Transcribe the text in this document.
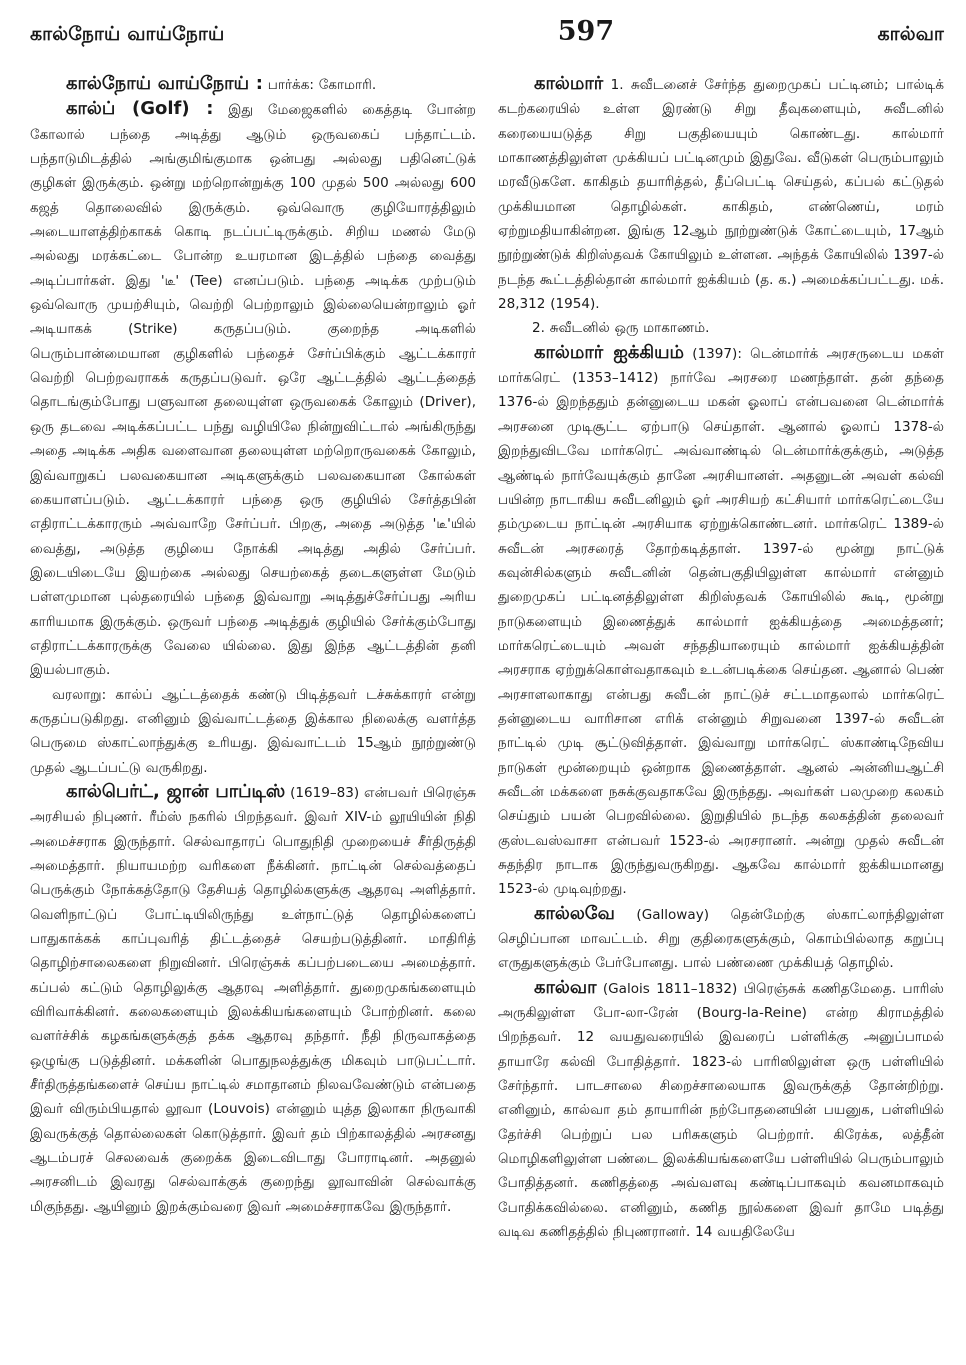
கால்நோய் வாய்நோய்	597	கால்வா

கால்நோய் வாய்நோய் : பார்க்க: கோமாரி.

கால்ப் (Golf) : இது மேஜைகளில் கைத்தடி போன்ற கோலால் பந்தை அடித்து ஆடும் ஒருவகைப் பந்தாட்டம். பந்தாடுமிடத்தில் அங்குமிங்குமாக ஒன்பது அல்லது பதினெட்டுக் குழிகள் இருக்கும். ஒன்று மற்றொன்றுக்கு 100 முதல் 500 அல்லது 600 கஜத் தொலைவில் இருக்கும். ஒவ்வொரு குழியோரத்திலும் அடையாளத்திற்காகக் கொடி நடப்பட்டிருக்கும். சிறிய மணல் மேடு அல்லது மரக்கட்டை போன்ற உயரமான இடத்தில் பந்தை வைத்து அடிப்பார்கள். இது 'டீ' (Tee) எனப்படும். பந்தை அடிக்க முற்படும் ஒவ்வொரு முயற்சியும், வெற்றி பெற்றாலும் இல்லையென்றாலும் ஓர் அடியாகக் (Strike) கருதப்படும். குறைந்த அடிகளில் பெரும்பான்மையான குழிகளில் பந்தைச் சேர்ப்பிக்கும் ஆட்டக்காரர் வெற்றி பெற்றவராகக் கருதப்படுவர். ஒரே ஆட்டத்தில் ஆட்டத்தைத் தொடங்கும்போது பளுவான தலையுள்ள ஒருவகைக் கோலும் (Driver), ஒரு தடவை அடிக்கப்பட்ட பந்து வழியிலே நின்றுவிட்டால் அங்கிருந்து அதை அடிக்க அதிக வளைவான தலையுள்ள மற்றொருவகைக் கோலும், இவ்வாறுகப் பலவகையான அடிகளுக்கும் பலவகையான கோல்கள் கையாளப்படும். ஆட்டக்காரர் பந்தை ஒரு குழியில் சேர்த்தபின் எதிராட்டக்காரரும் அவ்வாறே சேர்ப்பர். பிறகு, அதை அடுத்த 'டீ'யில் வைத்து, அடுத்த குழியை நோக்கி அடித்து அதில் சேர்ப்பர். இடையிடையே இயற்கை அல்லது செயற்கைத் தடைகளுள்ள மேடும் பள்ளமுமான புல்தரையில் பந்தை இவ்வாறு அடித்துச்சேர்ப்பது அரிய காரியமாக இருக்கும். ஒருவர் பந்தை அடித்துக் குழியில் சேர்க்கும்போது எதிராட்டக்காரருக்கு வேலை யில்லை. இது இந்த ஆட்டத்தின் தனி இயல்பாகும்.

வரலாறு: கால்ப் ஆட்டத்தைக் கண்டு பிடித்தவர் டச்சுக்காரர் என்று கருதப்படுகிறது. எனினும் இவ்வாட்டத்தை இக்கால நிலைக்கு வளர்த்த பெருமை ஸ்காட்லாந்துக்கு உரியது. இவ்வாட்டம் 15ஆம் நூற்றுண்டு முதல் ஆடப்பட்டு வருகிறது.

கால்பெர்ட், ஜான் பாப்டிஸ் (1619–83) என்பவர் பிரெஞ்சு அரசியல் நிபுணர். ரீம்ஸ் நகரில் பிறந்தவர். இவர் XIV-ம் லூயியின் நிதி அமைச்சராக இருந்தார். செல்வாதாரப் பொதுநிதி முறையைச் சீர்திருத்தி அமைத்தார். நியாயமற்ற வரிகளை நீக்கினர். நாட்டின் செல்வத்தைப் பெருக்கும் நோக்கத்தோடு தேசியத் தொழில்களுக்கு ஆதரவு அளித்தார். வெளிநாட்டுப் போட்டியிலிருந்து உள்நாட்டுத் தொழில்களைப் பாதுகாக்கக் காப்புவரித் திட்டத்தைச் செயற்படுத்தினர். மாதிரித் தொழிற்சாலைகளை நிறுவினர். பிரெஞ்சுக் கப்பற்படையை அமைத்தார். கப்பல் கட்டும் தொழிலுக்கு ஆதரவு அளித்தார். துறைமுகங்களையும் விரிவாக்கினர். கலைகளையும் இலக்கியங்களையும் போற்றினர். கலை வளர்ச்சிக் கழகங்களுக்குத் தக்க ஆதரவு தந்தார். நீதி நிருவாகத்தை ஒழுங்கு படுத்தினர். மக்களின் பொதுநலத்துக்கு மிகவும் பாடுபட்டார். சீர்திருத்தங்களைச் செய்ய நாட்டில் சமாதானம் நிலவவேண்டும் என்பதை இவர் விரும்பியதால் லூவா (Louvois) என்னும் யுத்த இலாகா நிருவாகி இவருக்குத் தொல்லைகள் கொடுத்தார். இவர் தம் பிற்காலத்தில் அரசனது ஆடம்பரச் செலவைக் குறைக்க இடைவிடாது போராடினர். அதனுல் அரசனிடம் இவரது செல்வாக்குக் குறைந்து லூவாவின் செல்வாக்கு மிகுந்தது. ஆயினும் இறக்கும்வரை இவர் அமைச்சராகவே இருந்தார்.

கால்மார் 1. சுவீடனைச் சேர்ந்த துறைமுகப் பட்டினம்; பால்டிக் கடற்கரையில் உள்ள இரண்டு சிறு தீவுகளையும், சுவீடனில் கரையையடுத்த சிறு பகுதியையும் கொண்டது. கால்மார் மாகாணத்திலுள்ள முக்கியப் பட்டினமும் இதுவே. வீடுகள் பெரும்பாலும் மரவீடுகளே. காகிதம் தயாரித்தல், தீப்பெட்டி செய்தல், கப்பல் கட்டுதல் முக்கியமான தொழில்கள். காகிதம், எண்ணெய், மரம் ஏற்றுமதியாகின்றன. இங்கு 12ஆம் நூற்றுண்டுக் கோட்டையும், 17ஆம் நூற்றுண்டுக் கிறிஸ்தவக் கோயிலும் உள்ளன. அந்தக் கோயிலில் 1397-ல் நடந்த கூட்டத்தில்தான் கால்மார் ஐக்கியம் (த. க.) அமைக்கப்பட்டது. மக். 28,312 (1954).

2. சுவீடனில் ஒரு மாகாணம்.

கால்மார் ஐக்கியம் (1397): டென்மார்க் அரசருடைய மகள் மார்கரெட் (1353–1412) நார்வே அரசரை மணந்தாள். தன் தந்தை 1376-ல் இறந்ததும் தன்னுடைய மகன் ஓலாப் என்பவனை டென்மார்க் அரசனை முடிசூட்ட ஏற்பாடு செய்தாள். ஆனால் ஓலாப் 1378-ல் இறந்துவிடவே மார்கரெட் அவ்வாண்டில் டென்மார்க்குக்கும், அடுத்த ஆண்டில் நார்வேயுக்கும் தானே அரசியானள். அதனுடன் அவள் கல்வி பயின்ற நாடாகிய சுவீடனிலும் ஓர் அரசியற் கட்சியார் மார்கரெட்டையே தம்முடைய நாட்டின் அரசியாக ஏற்றுக்கொண்டனர். மார்கரெட் 1389-ல் சுவீடன் அரசரைத் தோற்கடித்தாள். 1397-ல் மூன்று நாட்டுக் கவுன்சில்களும் சுவீடனின் தென்பகுதியிலுள்ள கால்மார் என்னும் துறைமுகப் பட்டினத்திலுள்ள கிறிஸ்தவக் கோயிலில் கூடி, மூன்று நாடுகளையும் இணைத்துக் கால்மார் ஐக்கியத்தை அமைத்தனர்; மார்கரெட்டையும் அவள் சந்ததியாரையும் கால்மார் ஐக்கியத்தின் அரசராக ஏற்றுக்கொள்வதாகவும் உடன்படிக்கை செய்தன. ஆனால் பெண் அரசாளலாகாது என்பது சுவீடன் நாட்டுச் சட்டமாதலால் மார்கரெட் தன்னுடைய வாரிசான எரிக் என்னும் சிறுவனை 1397-ல் சுவீடன் நாட்டில் முடி சூட்டுவித்தாள். இவ்வாறு மார்கரெட் ஸ்காண்டிநேவிய நாடுகள் மூன்றையும் ஒன்றாக இணைத்தாள். ஆனல் அன்னியஆட்சி சுவீடன் மக்களை நசுக்குவதாகவே இருந்தது. அவர்கள் பலமுறை கலகம் செய்தும் பயன் பெறவில்லை. இறுதியில் நடந்த கலகத்தின் தலைவர் குஸ்டவஸ்வாசா என்பவர் 1523-ல் அரசரானர். அன்று முதல் சுவீடன் சுதந்திர நாடாக இருந்துவருகிறது. ஆகவே கால்மார் ஐக்கியமானது 1523-ல் முடிவுற்றது.

கால்லவே (Galloway) தென்மேற்கு ஸ்காட்லாந்திலுள்ள செழிப்பான மாவட்டம். சிறு குதிரைகளுக்கும், கொம்பில்லாத கறுப்பு எருதுகளுக்கும் பேர்போனது. பால் பண்ணை முக்கியத் தொழில்.

கால்வா (Galois 1811–1832) பிரெஞ்சுக் கணிதமேதை. பாரிஸ் அருகிலுள்ள போ-லா-ரேன் (Bourg-la-Reine) என்ற கிராமத்தில் பிறந்தவர். 12 வயதுவரையில் இவரைப் பள்ளிக்கு அனுப்பாமல் தாயாரே கல்வி போதித்தார். 1823-ல் பாரிஸிலுள்ள ஒரு பள்ளியில் சேர்ந்தார். பாடசாலை சிறைச்சாலையாக இவருக்குத் தோன்றிற்று. எனினும், கால்வா தம் தாயாரின் நற்போதனையின் பயனுக, பள்ளியில் தேர்ச்சி பெற்றுப் பல பரிசுகளும் பெற்றார். கிரேக்க, லத்தீன் மொழிகளிலுள்ள பண்டை இலக்கியங்களையே பள்ளியில் பெரும்பாலும் போதித்தனர். கணிதத்தை அவ்வளவு கண்டிப்பாகவும் கவனமாகவும் போதிக்கவில்லை. எனினும், கணித நூல்களை இவர் தாமே படித்து வடிவ கணிதத்தில் நிபுணரானர். 14 வயதிலேயே
